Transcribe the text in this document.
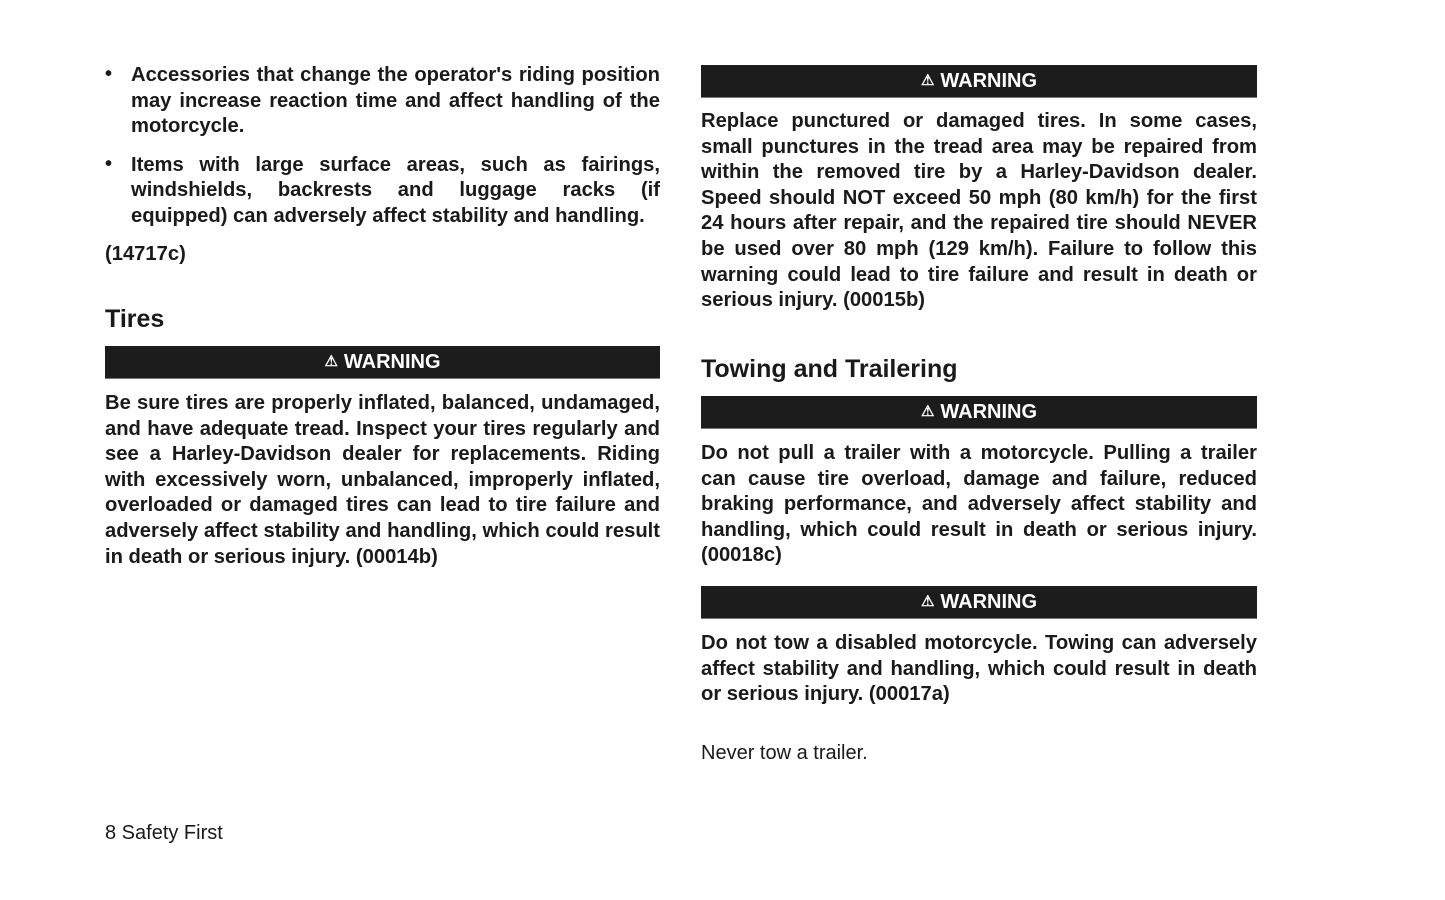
• Accessories that change the operator's riding position may increase reaction time and affect handling of the motorcycle.

• Items with large surface areas, such as fairings, windshields, backrests and luggage racks (if equipped) can adversely affect stability and handling.

(14717c)
Tires
⚠ WARNING

Be sure tires are properly inflated, balanced, undamaged, and have adequate tread. Inspect your tires regularly and see a Harley-Davidson dealer for replacements. Riding with excessively worn, unbalanced, improperly inflated, overloaded or damaged tires can lead to tire failure and adversely affect stability and handling, which could result in death or serious injury. (00014b)

⚠ WARNING

Replace punctured or damaged tires. In some cases, small punctures in the tread area may be repaired from within the removed tire by a Harley-Davidson dealer. Speed should NOT exceed 50 mph (80 km/h) for the first 24 hours after repair, and the repaired tire should NEVER be used over 80 mph (129 km/h). Failure to follow this warning could lead to tire failure and result in death or serious injury. (00015b)

Towing and Trailering
⚠ WARNING

Do not pull a trailer with a motorcycle. Pulling a trailer can cause tire overload, damage and failure, reduced braking performance, and adversely affect stability and handling, which could result in death or serious injury. (00018c)

⚠ WARNING

Do not tow a disabled motorcycle. Towing can adversely affect stability and handling, which could result in death or serious injury. (00017a)

Never tow a trailer.
8 Safety First
